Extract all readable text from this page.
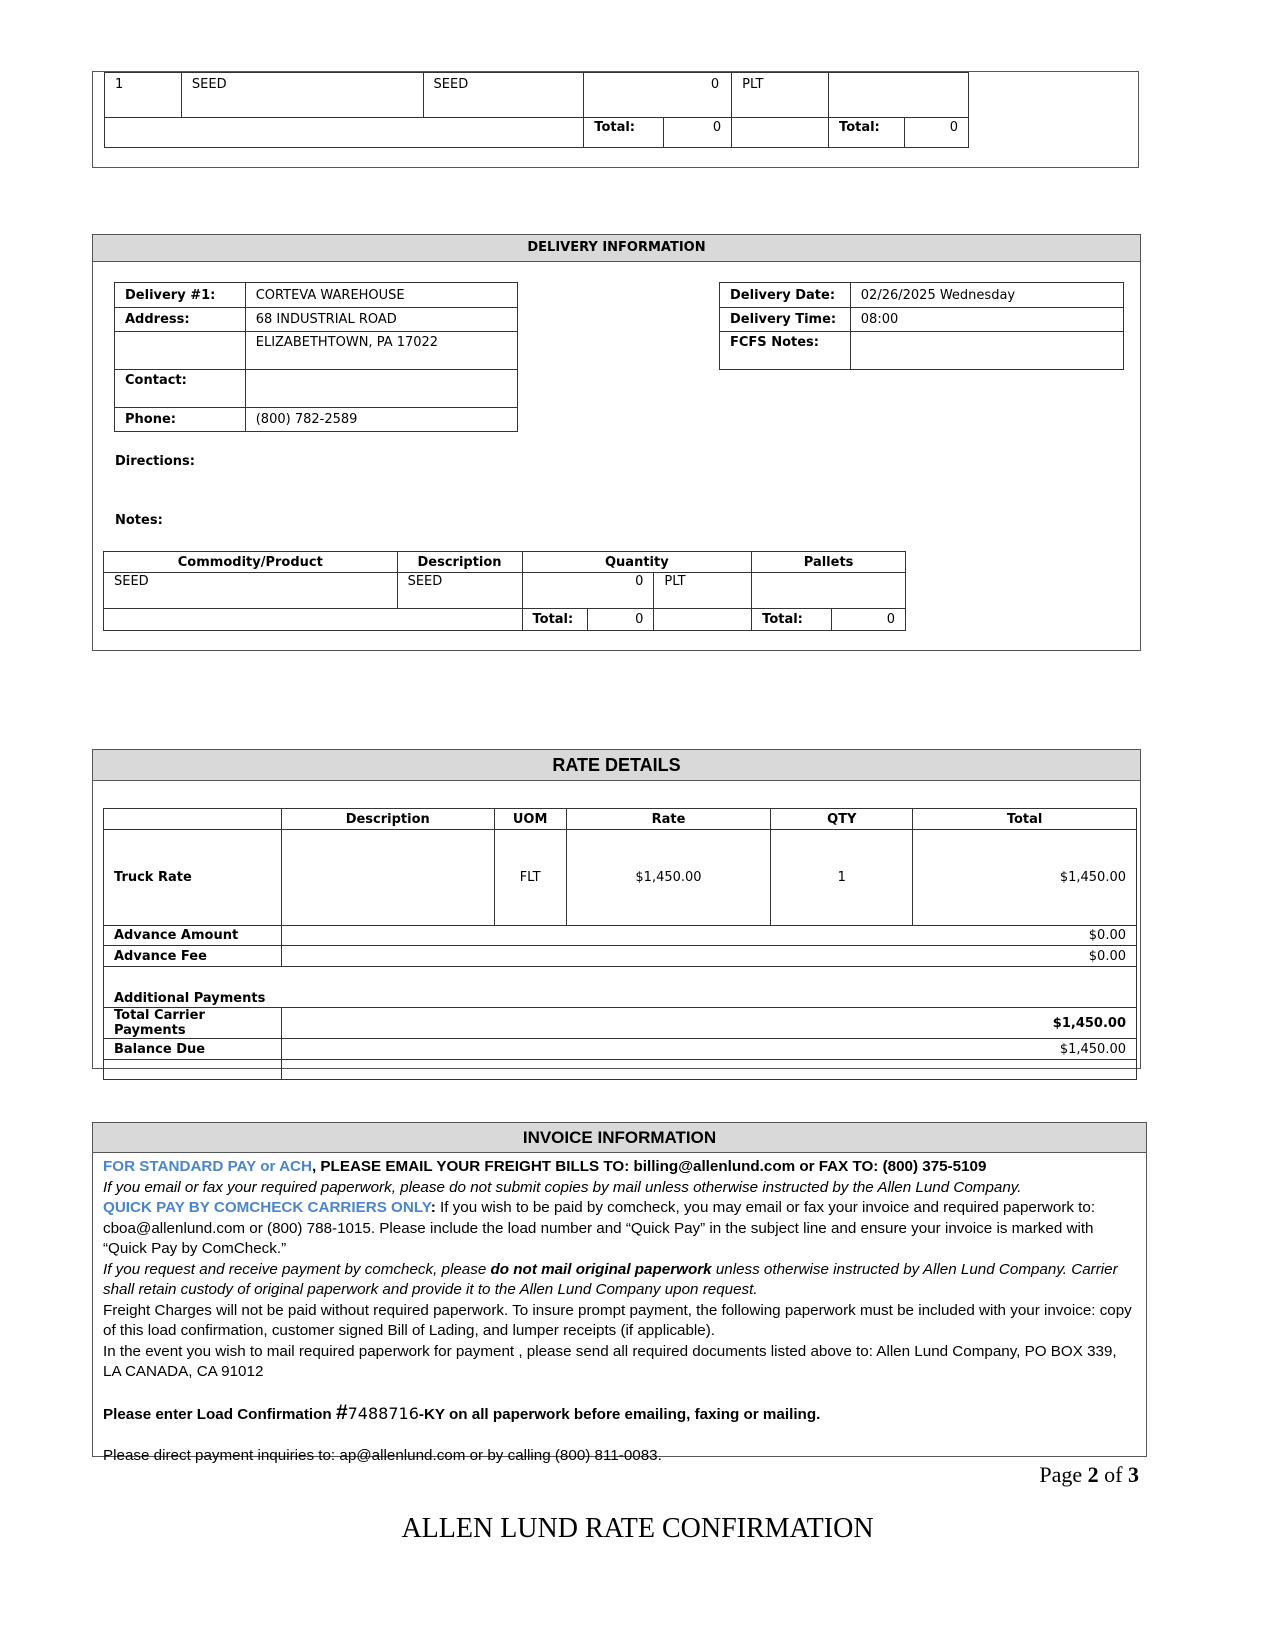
1	SEED	SEED	0		PLT		
			Total:	0		Total:	0
DELIVERY INFORMATION
Delivery #1:	CORTEVA WAREHOUSE
Address:	68 INDUSTRIAL ROAD
	ELIZABETHTOWN, PA 17022
Contact:	
Phone:	(800) 782-2589
Delivery Date:	02/26/2025 Wednesday
Delivery Time:	08:00
FCFS Notes:	
Directions:
Notes:
Commodity/Product	Description	Quantity			Pallets	
SEED	SEED	0		PLT		
		Total:	0		Total:	0
RATE DETAILS
	Description	UOM	Rate	QTY	Total
Truck Rate		FLT	$1,450.00	1	$1,450.00
Advance Amount	$0.00				
Advance Fee	$0.00				
Additional Payments					
Total Carrier Payments	$1,450.00				
Balance Due	$1,450.00				

INVOICE INFORMATION

FOR STANDARD PAY or ACH, PLEASE EMAIL YOUR FREIGHT BILLS TO: billing@allenlund.com or FAX TO: (800) 375-5109

If you email or fax your required paperwork, please do not submit copies by mail unless otherwise instructed by the Allen Lund Company.

QUICK PAY BY COMCHECK CARRIERS ONLY: If you wish to be paid by comcheck, you may email or fax your invoice and required paperwork to: cboa@allenlund.com or (800) 788-1015. Please include the load number and “Quick Pay” in the subject line and ensure your invoice is marked with “Quick Pay by ComCheck.”

If you request and receive payment by comcheck, please do not mail original paperwork unless otherwise instructed by Allen Lund Company. Carrier shall retain custody of original paperwork and provide it to the Allen Lund Company upon request.

Freight Charges will not be paid without required paperwork. To insure prompt payment, the following paperwork must be included with your invoice: copy of this load confirmation, customer signed Bill of Lading, and lumper receipts (if applicable).

In the event you wish to mail required paperwork for payment , please send all required documents listed above to: Allen Lund Company, PO BOX 339, LA CANADA, CA 91012

Please enter Load Confirmation #7488716-KY on all paperwork before emailing, faxing or mailing.

Please direct payment inquiries to: ap@allenlund.com or by calling (800) 811-0083.

Page 2 of 3
ALLEN LUND RATE CONFIRMATION
